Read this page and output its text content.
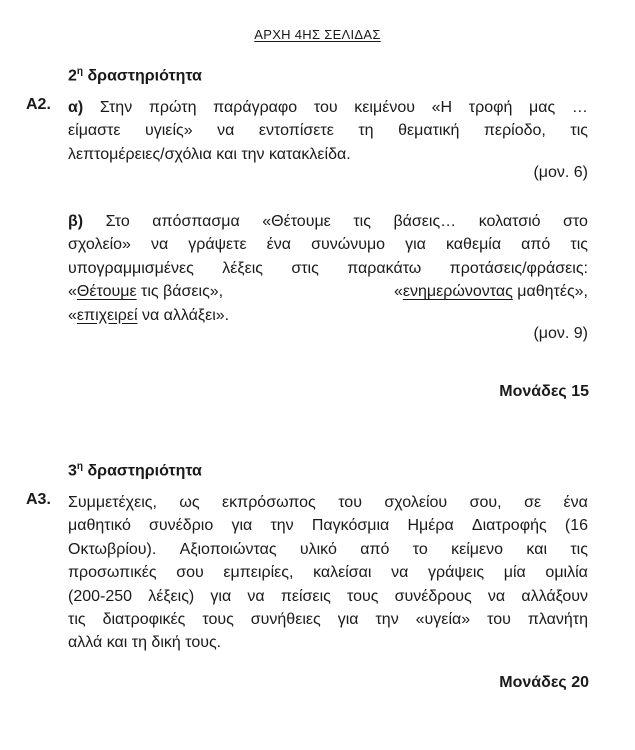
ΑΡΧΗ 4ΗΣ ΣΕΛΙΔΑΣ
$2^\eta$ δραστηριότητα
Α2. α) Στην πρώτη παράγραφο του κειμένου «Η τροφή μας …
είμαστε υγιείς» να εντοπίσετε τη θεματική περίοδο, τις
λεπτομέρειες/σχόλια και την κατακλείδα.
(μον. 6)
β) Στο απόσπασμα «Θέτουμε τις βάσεις… κολατσιό στο
σχολείο» να γράψετε ένα συνώνυμο για καθεμία από τις
υπογραμμισμένες λέξεις στις παρακάτω προτάσεις/φράσεις:
«Θέτουμε τις βάσεις»,	«ενημερώνοντας μαθητές»,
«επιχειρεί να αλλάξει».
(μον. 9)
Μονάδες 15
$3^\eta$ δραστηριότητα
Α3. Συμμετέχεις, ως εκπρόσωπος του σχολείου σου, σε ένα
μαθητικό συνέδριο για την Παγκόσμια Ημέρα Διατροφής (16
Οκτωβρίου). Αξιοποιώντας υλικό από το κείμενο και τις
προσωπικές σου εμπειρίες, καλείσαι να γράψεις μία ομιλία
(200-250 λέξεις) για να πείσεις τους συνέδρους να αλλάξουν
τις διατροφικές τους συνήθειες για την «υγεία» του πλανήτη
αλλά και τη δική τους.
Μονάδες 20
